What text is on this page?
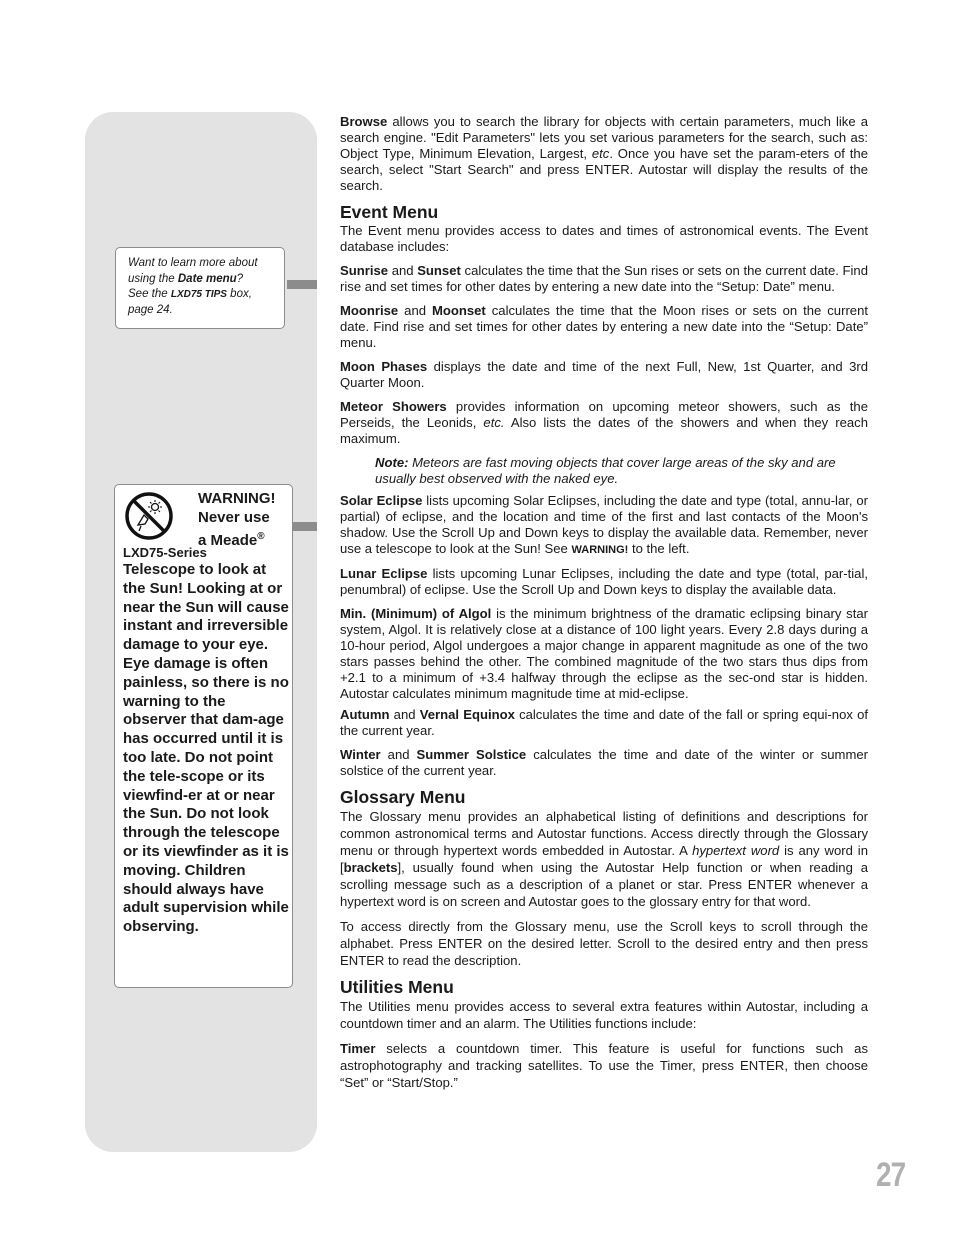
Want to learn more about
using the Date menu?
See the LXD75 TIPS box,
page 24.
WARNING!
Never use
a Meade®
LXD75-Series
Telescope to look at the Sun! Looking at or near the Sun will cause instant and irreversible damage to your eye. Eye damage is often painless, so there is no warning to the observer that dam-age has occurred until it is too late. Do not point the tele-scope or its viewfind-er at or near the Sun. Do not look through the telescope or its viewfinder as it is moving. Children should always have adult supervision while observing.

Browse allows you to search the library for objects with certain parameters, much like a search engine. "Edit Parameters" lets you set various parameters for the search, such as: Object Type, Minimum Elevation, Largest, etc. Once you have set the param-eters of the search, select "Start Search" and press ENTER. Autostar will display the results of the search.

Event Menu

The Event menu provides access to dates and times of astronomical events. The Event database includes:

Sunrise and Sunset calculates the time that the Sun rises or sets on the current date. Find rise and set times for other dates by entering a new date into the “Setup: Date” menu.

Moonrise and Moonset calculates the time that the Moon rises or sets on the current date. Find rise and set times for other dates by entering a new date into the “Setup: Date” menu.

Moon Phases displays the date and time of the next Full, New, 1st Quarter, and 3rd Quarter Moon.

Meteor Showers provides information on upcoming meteor showers, such as the Perseids, the Leonids, etc. Also lists the dates of the showers and when they reach maximum.

Note: Meteors are fast moving objects that cover large areas of the sky and are usually best observed with the naked eye.

Solar Eclipse lists upcoming Solar Eclipses, including the date and type (total, annu-lar, or partial) of eclipse, and the location and time of the first and last contacts of the Moon's shadow. Use the Scroll Up and Down keys to display the available data. Remember, never use a telescope to look at the Sun! See WARNING! to the left.

Lunar Eclipse lists upcoming Lunar Eclipses, including the date and type (total, par-tial, penumbral) of eclipse. Use the Scroll Up and Down keys to display the available data.

Min. (Minimum) of Algol is the minimum brightness of the dramatic eclipsing binary star system, Algol. It is relatively close at a distance of 100 light years. Every 2.8 days during a 10-hour period, Algol undergoes a major change in apparent magnitude as one of the two stars passes behind the other. The combined magnitude of the two stars thus dips from +2.1 to a minimum of +3.4 halfway through the eclipse as the sec-ond star is hidden. Autostar calculates minimum magnitude time at mid-eclipse.

Autumn and Vernal Equinox calculates the time and date of the fall or spring equi-nox of the current year.

Winter and Summer Solstice calculates the time and date of the winter or summer solstice of the current year.

Glossary Menu

The Glossary menu provides an alphabetical listing of definitions and descriptions for common astronomical terms and Autostar functions. Access directly through the Glossary menu or through hypertext words embedded in Autostar. A hypertext word is any word in [brackets], usually found when using the Autostar Help function or when reading a scrolling message such as a description of a planet or star. Press ENTER whenever a hypertext word is on screen and Autostar goes to the glossary entry for that word.

To access directly from the Glossary menu, use the Scroll keys to scroll through the alphabet. Press ENTER on the desired letter. Scroll to the desired entry and then press ENTER to read the description.

Utilities Menu

The Utilities menu provides access to several extra features within Autostar, including a countdown timer and an alarm. The Utilities functions include:

Timer selects a countdown timer. This feature is useful for functions such as astrophotography and tracking satellites. To use the Timer, press ENTER, then choose “Set” or “Start/Stop.”

27
